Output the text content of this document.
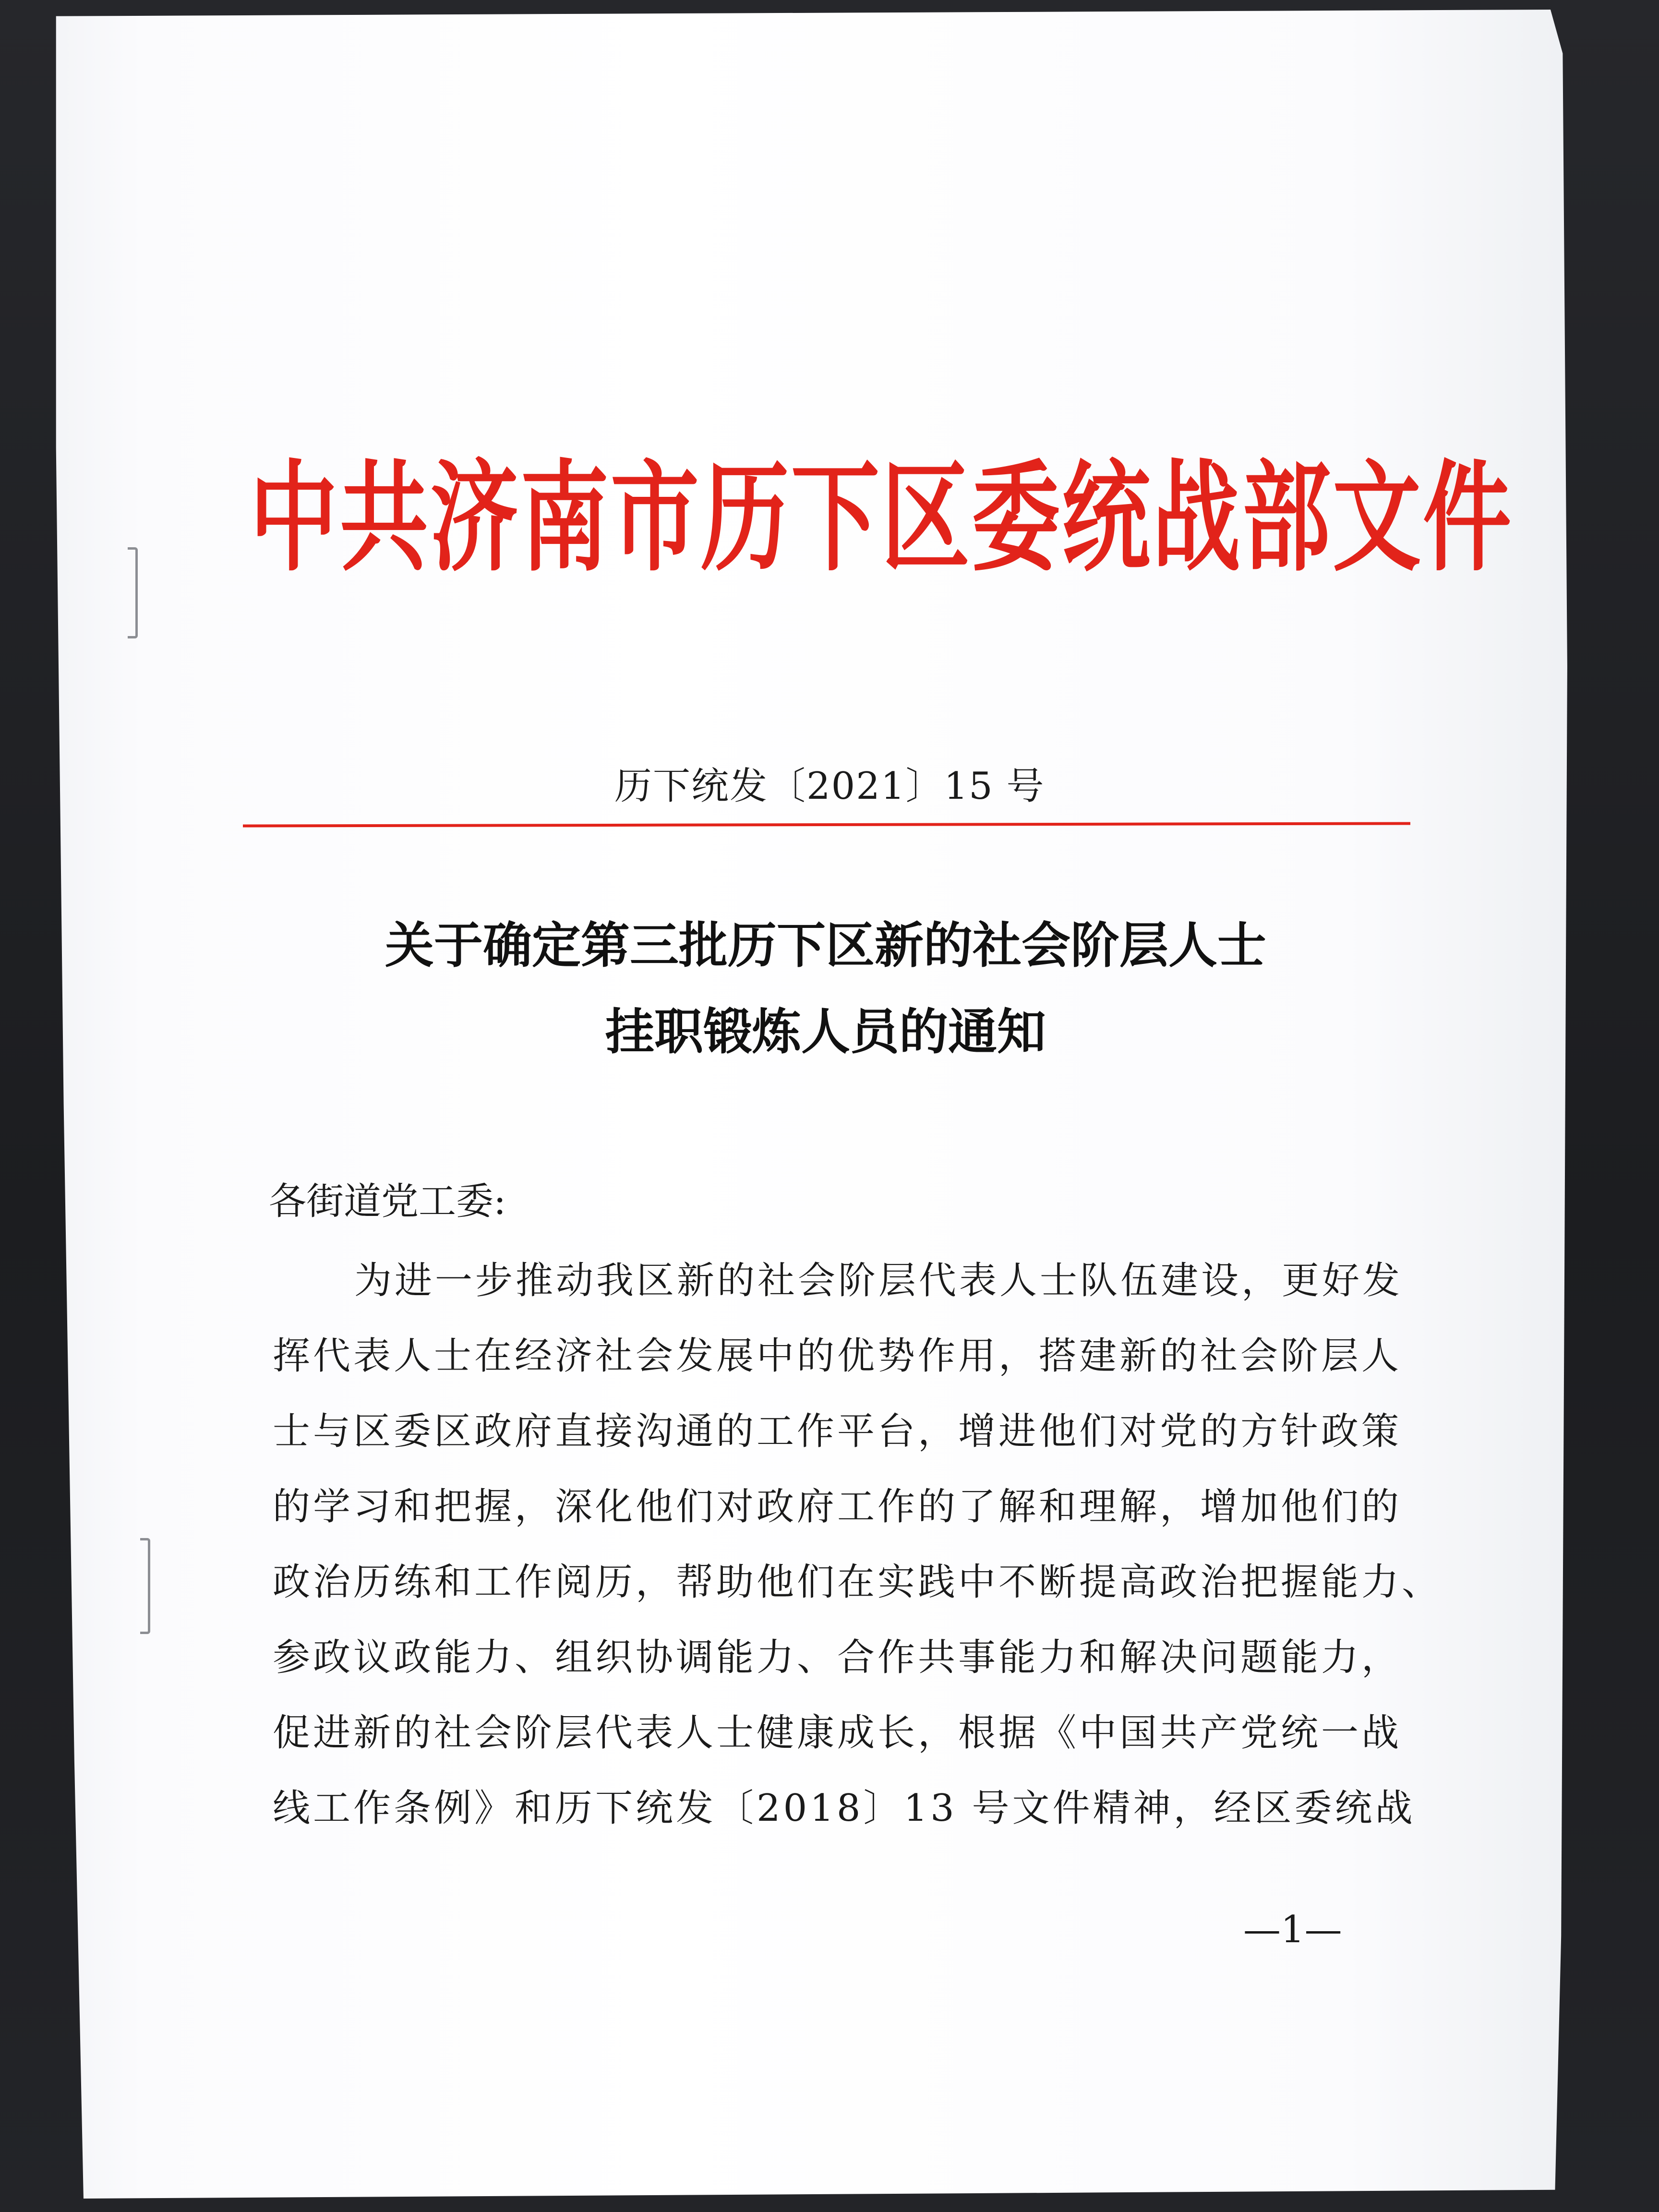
中共济南市历下区委统战部文件
历下统发〔2021〕15 号
关于确定第三批历下区新的社会阶层人士
挂职锻炼人员的通知
各街道党工委:
为进一步推动我区新的社会阶层代表人士队伍建设，更好发
挥代表人士在经济社会发展中的优势作用，搭建新的社会阶层人
士与区委区政府直接沟通的工作平台，增进他们对党的方针政策
的学习和把握，深化他们对政府工作的了解和理解，增加他们的
政治历练和工作阅历，帮助他们在实践中不断提高政治把握能力、
参政议政能力、组织协调能力、合作共事能力和解决问题能力，
促进新的社会阶层代表人士健康成长，根据《中国共产党统一战
线工作条例》和历下统发〔2018〕13 号文件精神，经区委统战
—1—
